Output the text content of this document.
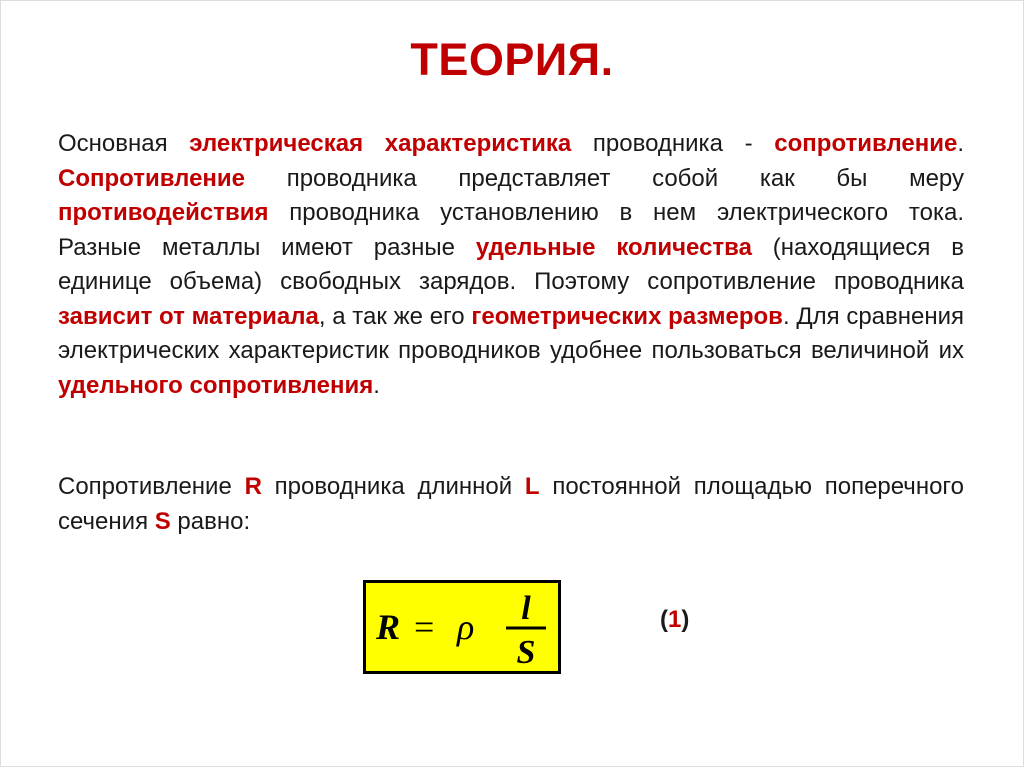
ТЕОРИЯ.

Основная электрическая характеристика проводника - сопротивление. Сопротивление проводника представляет собой как бы меру противодействия проводника установлению в нем электрического тока. Разные металлы имеют разные удельные количества (находящиеся в единице объема) свободных зарядов. Поэтому сопротивление проводника зависит от материала, а так же его геометрических размеров. Для сравнения электрических характеристик проводников удобнее пользоваться величиной их удельного сопротивления.

Сопротивление R проводника длинной L постоянной площадью поперечного сечения S равно:

R = ρ l
S
(1)
